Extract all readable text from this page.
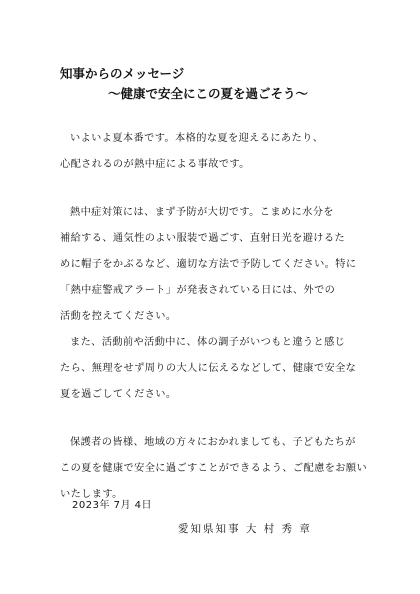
知事からのメッセージ
～健康で安全にこの夏を過ごそう～
いよいよ夏本番です。本格的な夏を迎えるにあたり、
心配されるのが熱中症による事故です。
熱中症対策には、まず予防が大切です。こまめに水分を
補給する、通気性のよい服装で過ごす、直射日光を避けるた
めに帽子をかぶるなど、適切な方法で予防してください。特に
「熱中症警戒アラート」が発表されている日には、外での
活動を控えてください。
また、活動前や活動中に、体の調子がいつもと違うと感じ
たら、無理をせず周りの大人に伝えるなどして、健康で安全な
夏を過ごしてください。
保護者の皆様、地域の方々におかれましても、子どもたちが
この夏を健康で安全に過ごすことができるよう、ご配慮をお願い
いたします。
2023年 7月 4日
愛知県知事 大 村 秀 章
